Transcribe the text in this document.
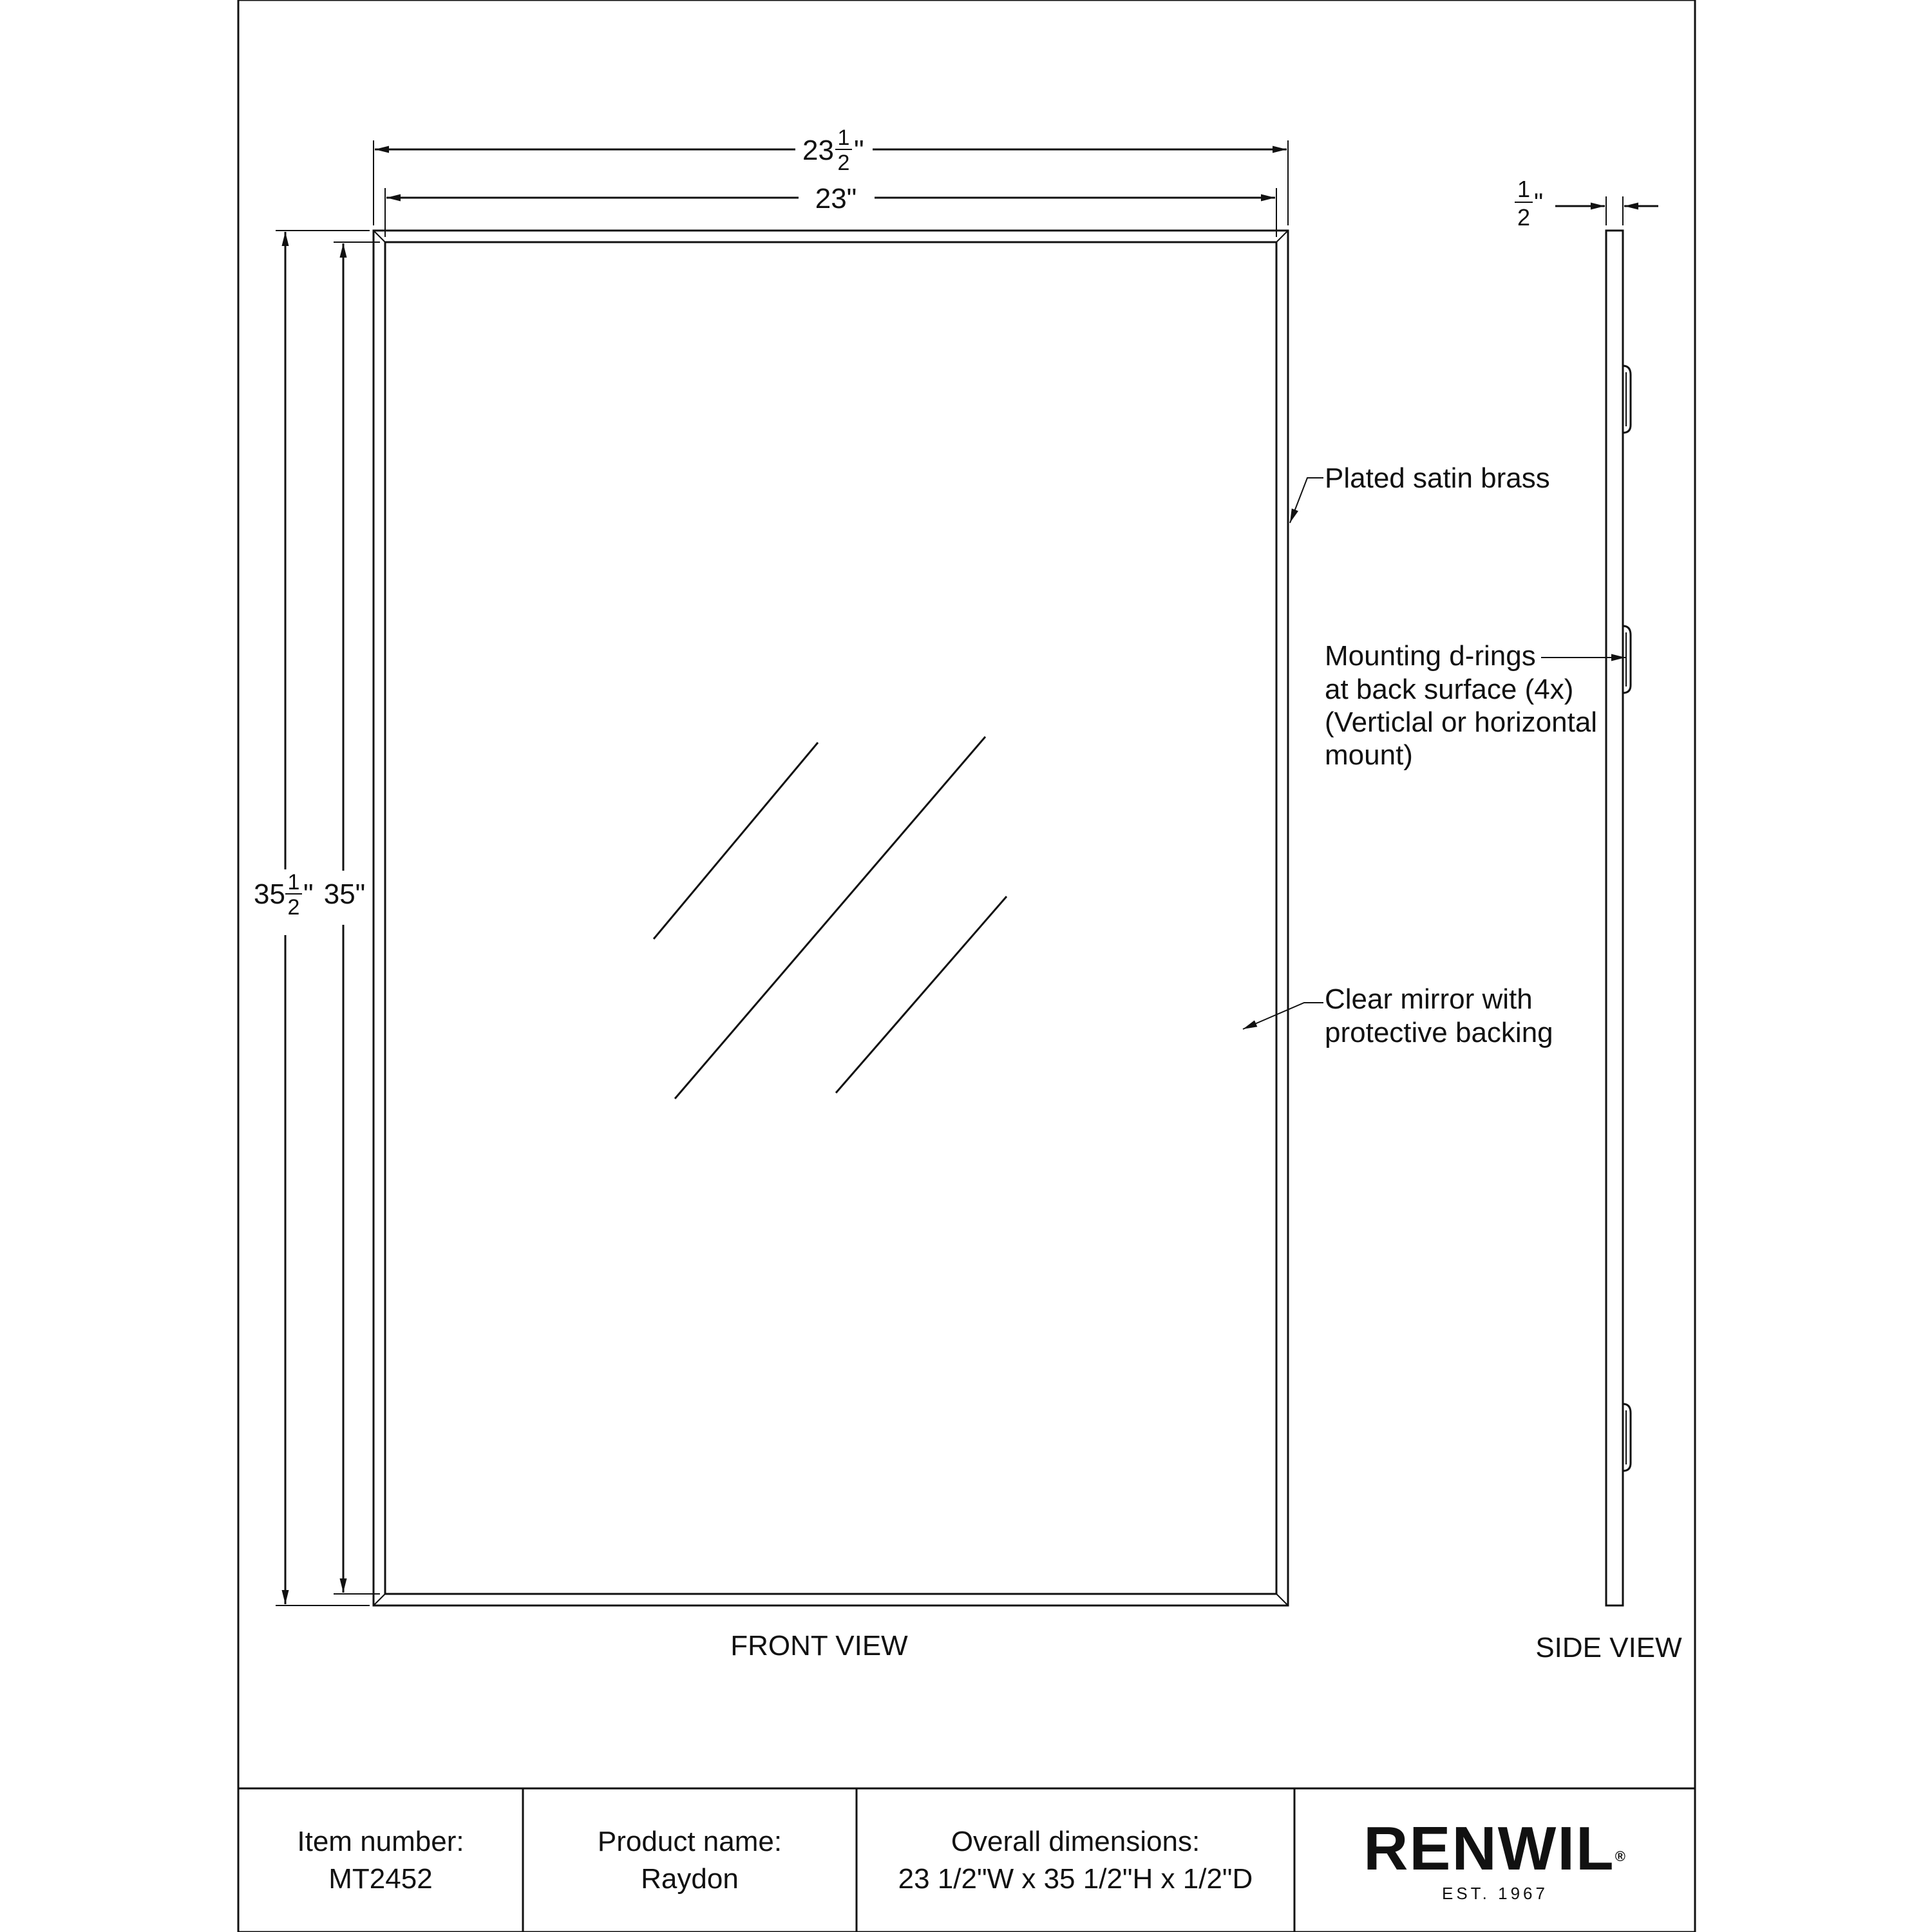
23 1
2 "
23"
35 1
2 " 35"
FRONT VIEW
1
2
"
SIDE VIEW
Plated satin brass
Mounting d-rings
at back surface (4x)
(Verticlal or horizontal
mount)
Clear mirror with
protective backing
Item number:
MT2452
Product name:
Raydon
Overall dimensions:
23 1/2"W x 35 1/2"H x 1/2"D RENWIL®
EST. 1967
